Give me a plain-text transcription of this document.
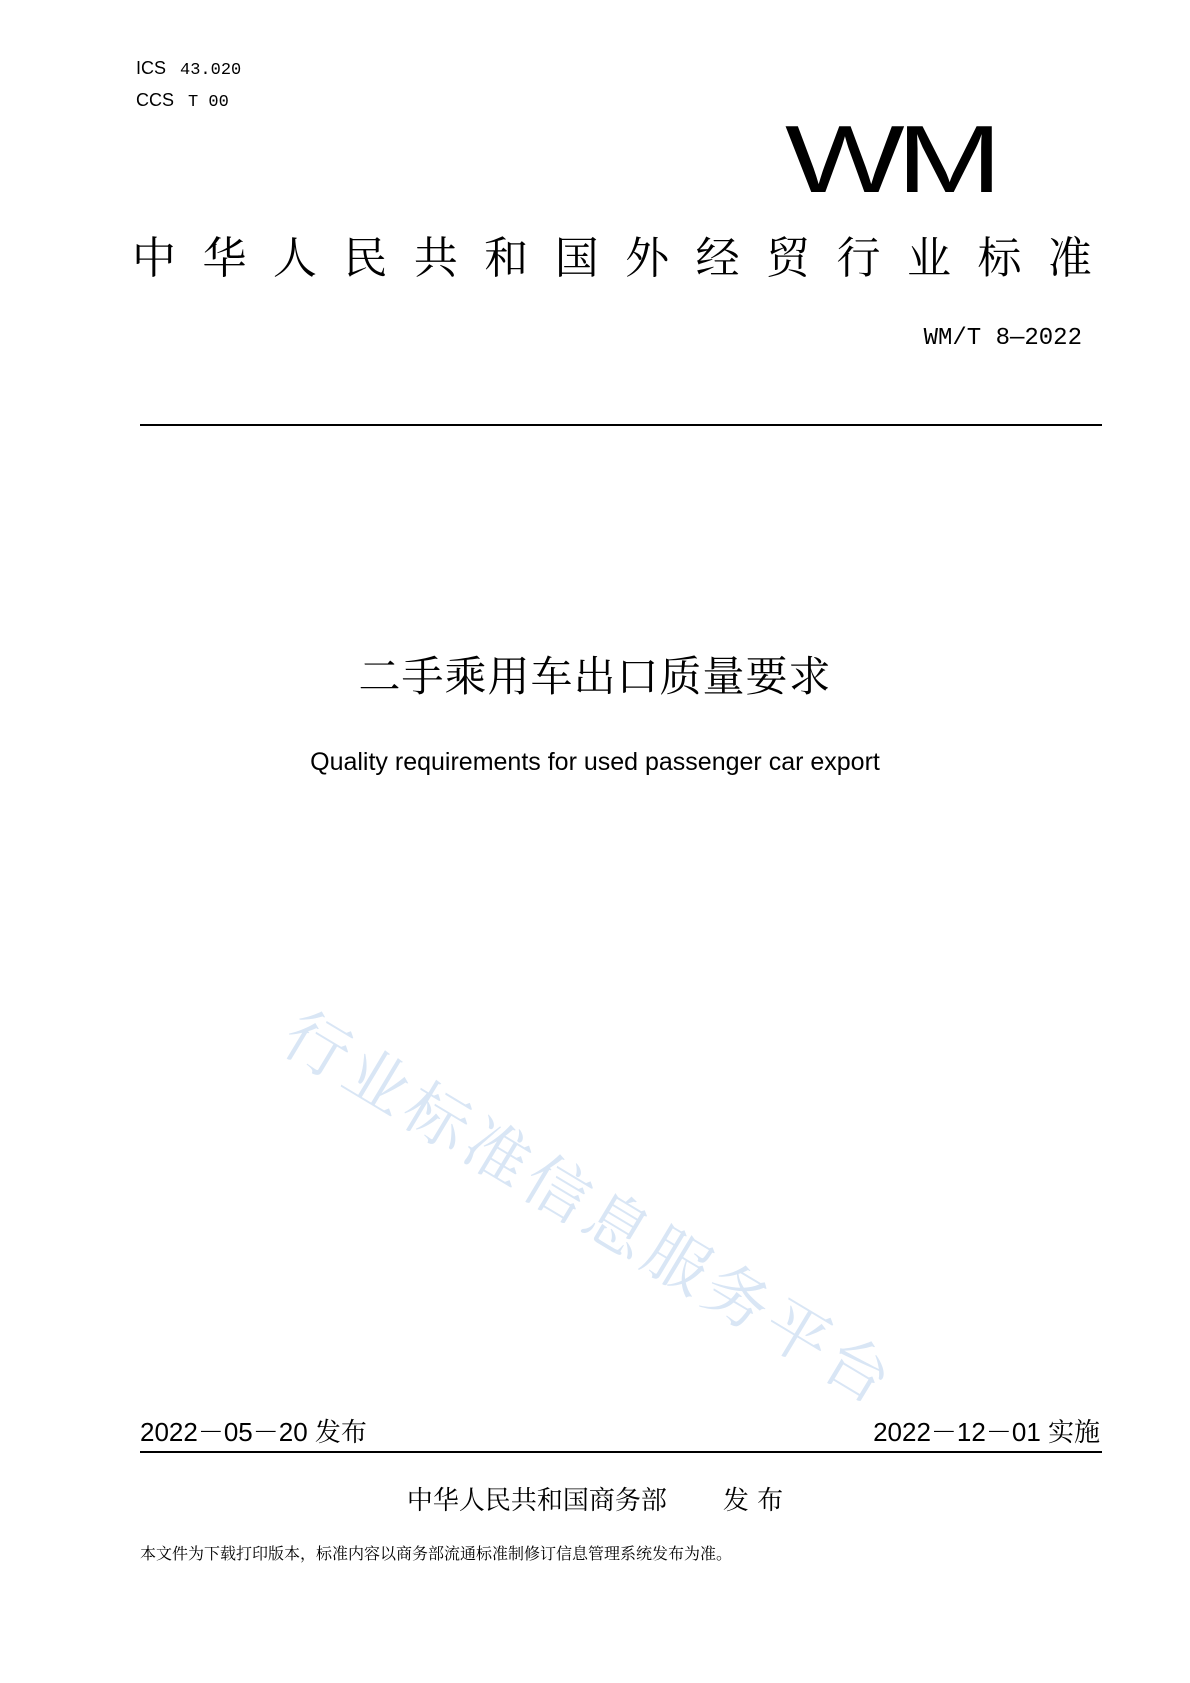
ICS 43.020
CCS T 00
WM
中 华 人 民 共 和 国 外 经 贸 行 业 标 准
WM/T 8—2022
二手乘用车出口质量要求
Quality requirements for used passenger car export
行业标准信息服务平台
2022－05－20 发布	2022－12－01 实施
中华人民共和国商务部 发 布
本文件为下载打印版本，标准内容以商务部流通标准制修订信息管理系统发布为准。
